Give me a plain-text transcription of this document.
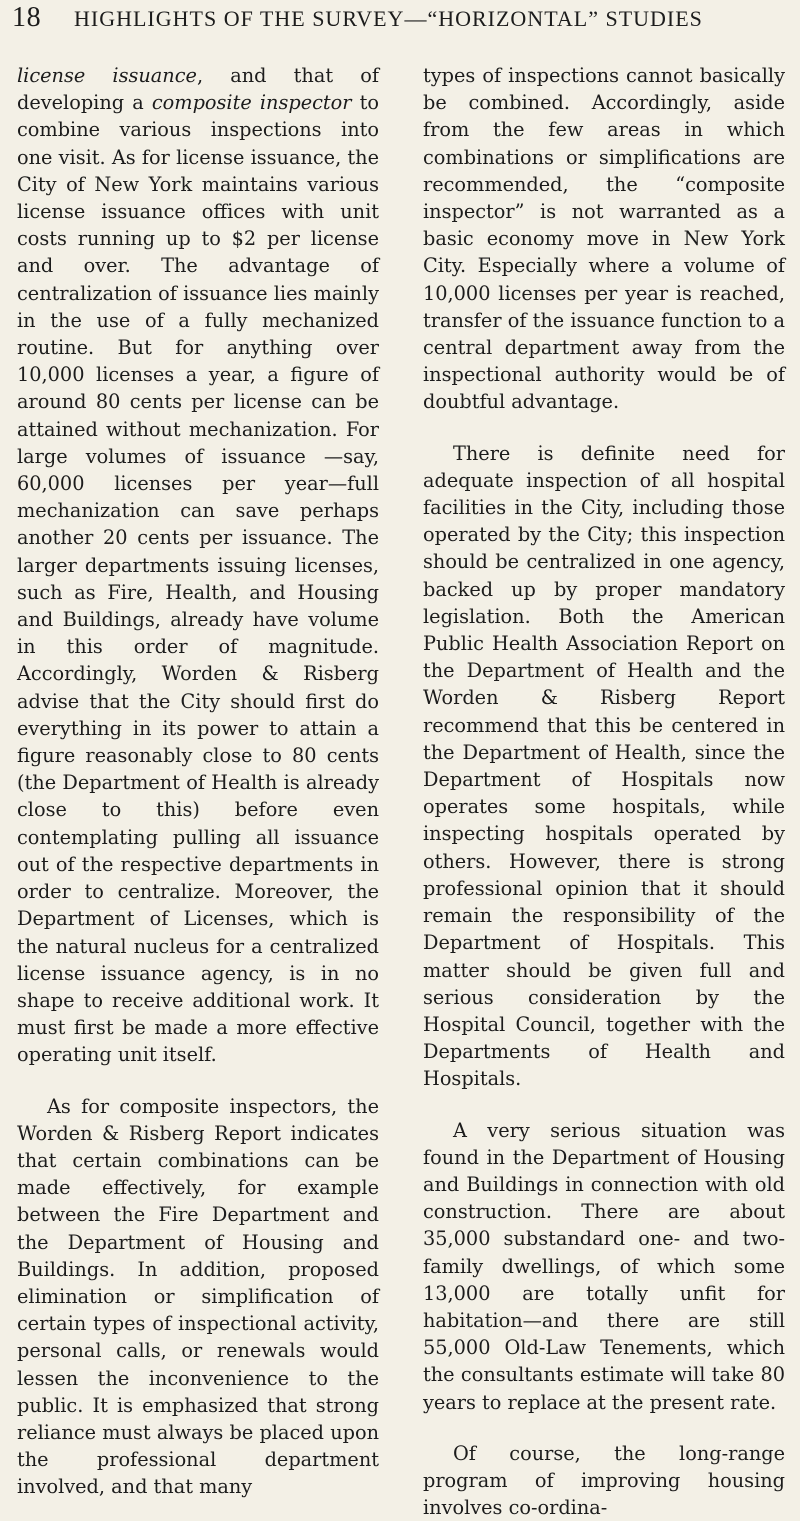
18 HIGHLIGHTS OF THE SURVEY—“HORIZONTAL” STUDIES

license issuance, and that of developing a composite inspector to combine various inspections into one visit. As for license issuance, the City of New York maintains various license issuance offices with unit costs running up to $2 per license and over. The advantage of centralization of issuance lies mainly in the use of a fully mechanized routine. But for anything over 10,000 licenses a year, a figure of around 80 cents per license can be attained without mechanization. For large volumes of issuance —say, 60,000 licenses per year—full mechanization can save perhaps another 20 cents per issuance. The larger departments issuing licenses, such as Fire, Health, and Housing and Buildings, already have volume in this order of magnitude. Accordingly, Worden & Risberg advise that the City should first do everything in its power to attain a figure reasonably close to 80 cents (the Department of Health is already close to this) before even contemplating pulling all issuance out of the respective departments in order to centralize. Moreover, the Department of Licenses, which is the natural nucleus for a centralized license issuance agency, is in no shape to receive additional work. It must first be made a more effective operating unit itself.

As for composite inspectors, the Worden & Risberg Report indicates that certain combinations can be made effectively, for example between the Fire Department and the Department of Housing and Buildings. In addition, proposed elimination or simplification of certain types of inspectional activity, personal calls, or renewals would lessen the inconvenience to the public. It is emphasized that strong reliance must always be placed upon the professional department involved, and that many

types of inspections cannot basically be combined. Accordingly, aside from the few areas in which combinations or simplifications are recommended, the “composite inspector” is not warranted as a basic economy move in New York City. Especially where a volume of 10,000 licenses per year is reached, transfer of the issuance function to a central department away from the inspectional authority would be of doubtful advantage.

There is definite need for adequate inspection of all hospital facilities in the City, including those operated by the City; this inspection should be centralized in one agency, backed up by proper mandatory legislation. Both the American Public Health Association Report on the Department of Health and the Worden & Risberg Report recommend that this be centered in the Department of Health, since the Department of Hospitals now operates some hospitals, while inspecting hospitals operated by others. However, there is strong professional opinion that it should remain the responsibility of the Department of Hospitals. This matter should be given full and serious consideration by the Hospital Council, together with the Departments of Health and Hospitals.

A very serious situation was found in the Department of Housing and Buildings in connection with old construction. There are about 35,000 substandard one- and two-family dwellings, of which some 13,000 are totally unfit for habitation—and there are still 55,000 Old-Law Tenements, which the consultants estimate will take 80 years to replace at the present rate.

Of course, the long-range program of improving housing involves co-ordina-
